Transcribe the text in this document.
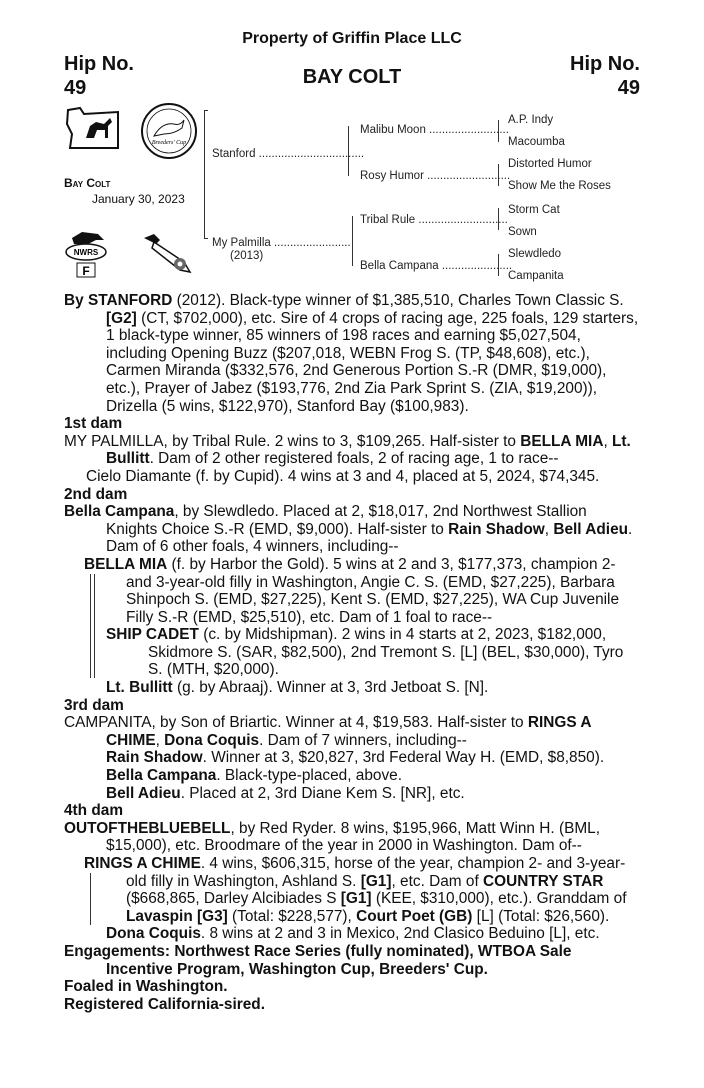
Property of Griffin Place LLC
Hip No.
49
Hip No.
49
BAY COLT
Breeders' Cup
NWRS
F
Bay Colt
January 30, 2023
Stanford .................................
My Palmilla ........................
(2013)
Malibu Moon .........................
Rosy Humor ..........................
Tribal Rule ............................
Bella Campana ......................
A.P. Indy
Macoumba
Distorted Humor
Show Me the Roses
Storm Cat
Sown
Slewdledo
Campanita

By STANFORD (2012). Black-type winner of $1,385,510, Charles Town Classic S. [G2] (CT, $702,000), etc. Sire of 4 crops of racing age, 225 foals, 129 starters, 1 black-type winner, 85 winners of 198 races and earning $5,027,504, including Opening Buzz ($207,018, WEBN Frog S. (TP, $48,608), etc.), Carmen Miranda ($332,576, 2nd Generous Portion S.-R (DMR, $19,000), etc.), Prayer of Jabez ($193,776, 2nd Zia Park Sprint S. (ZIA, $19,200)), Drizella (5 wins, $122,970), Stanford Bay ($100,983).

1st dam

MY PALMILLA, by Tribal Rule. 2 wins to 3, $109,265. Half-sister to BELLA MIA, Lt. Bullitt. Dam of 2 other registered foals, 2 of racing age, 1 to race--

Cielo Diamante (f. by Cupid). 4 wins at 3 and 4, placed at 5, 2024, $74,345.

2nd dam

Bella Campana, by Slewdledo. Placed at 2, $18,017, 2nd Northwest Stallion Knights Choice S.-R (EMD, $9,000). Half-sister to Rain Shadow, Bell Adieu. Dam of 6 other foals, 4 winners, including--

BELLA MIA (f. by Harbor the Gold). 5 wins at 2 and 3, $177,373, champion 2- and 3-year-old filly in Washington, Angie C. S. (EMD, $27,225), Barbara Shinpoch S. (EMD, $27,225), Kent S. (EMD, $27,225), WA Cup Juvenile Filly S.-R (EMD, $25,510), etc. Dam of 1 foal to race--

SHIP CADET (c. by Midshipman). 2 wins in 4 starts at 2, 2023, $182,000, Skidmore S. (SAR, $82,500), 2nd Tremont S. [L] (BEL, $30,000), Tyro S. (MTH, $20,000).

Lt. Bullitt (g. by Abraaj). Winner at 3, 3rd Jetboat S. [N].

3rd dam

CAMPANITA, by Son of Briartic. Winner at 4, $19,583. Half-sister to RINGS A CHIME, Dona Coquis. Dam of 7 winners, including--

Rain Shadow. Winner at 3, $20,827, 3rd Federal Way H. (EMD, $8,850).

Bella Campana. Black-type-placed, above.

Bell Adieu. Placed at 2, 3rd Diane Kem S. [NR], etc.

4th dam

OUTOFTHEBLUEBELL, by Red Ryder. 8 wins, $195,966, Matt Winn H. (BML, $15,000), etc. Broodmare of the year in 2000 in Washington. Dam of--

RINGS A CHIME. 4 wins, $606,315, horse of the year, champion 2- and 3-year-old filly in Washington, Ashland S. [G1], etc. Dam of COUNTRY STAR ($668,865, Darley Alcibiades S [G1] (KEE, $310,000), etc.). Granddam of Lavaspin [G3] (Total: $228,577), Court Poet (GB) [L] (Total: $26,560).

Dona Coquis. 8 wins at 2 and 3 in Mexico, 2nd Clasico Beduino [L], etc.

Engagements: Northwest Race Series (fully nominated), WTBOA Sale Incentive Program, Washington Cup, Breeders' Cup.

Foaled in Washington.

Registered California-sired.
